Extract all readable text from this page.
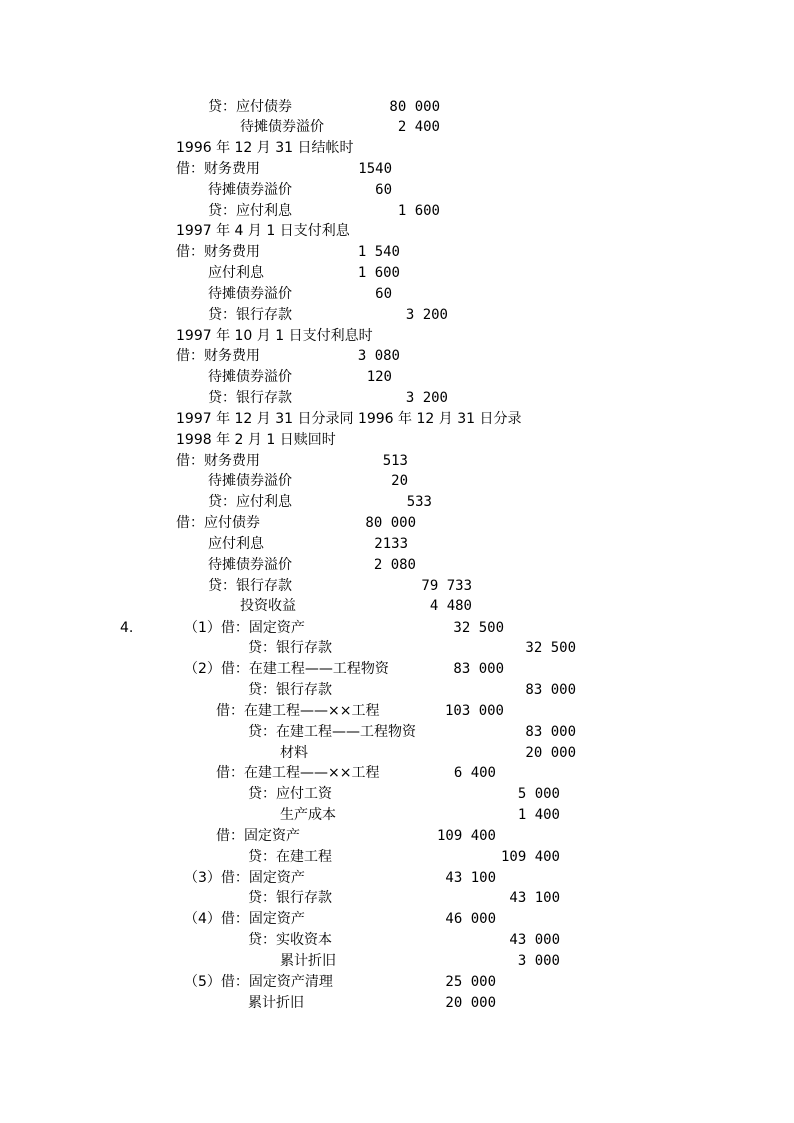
贷：应付债券	80 000
待摊债券溢价	2 400
1996 年 12 月 31 日结帐时
借：财务费用	1540
待摊债券溢价	60
贷：应付利息	1 600
1997 年 4 月 1 日支付利息
借：财务费用	1 540
应付利息	1 600
待摊债券溢价	60
贷：银行存款	3 200
1997 年 10 月 1 日支付利息时
借：财务费用	3 080
待摊债券溢价	120
贷：银行存款	3 200
1997 年 12 月 31 日分录同 1996 年 12 月 31 日分录
1998 年 2 月 1 日赎回时
借：财务费用	513
待摊债券溢价	20
贷：应付利息	533
借：应付债券	80 000
应付利息	2133
待摊债券溢价	2 080
贷：银行存款	79 733
投资收益	4 480
4.	（1）借：固定资产	32 500
贷：银行存款	32 500
（2）借：在建工程——工程物资	83 000
贷：银行存款	83 000
借：在建工程——××工程	103 000
贷：在建工程——工程物资	83 000
材料	20 000
借：在建工程——××工程	6 400
贷：应付工资	5 000
生产成本	1 400
借：固定资产	109 400
贷：在建工程	109 400
（3）借：固定资产	43 100
贷：银行存款	43 100
（4）借：固定资产	46 000
贷：实收资本	43 000
累计折旧	3 000
（5）借：固定资产清理	25 000
累计折旧	20 000
